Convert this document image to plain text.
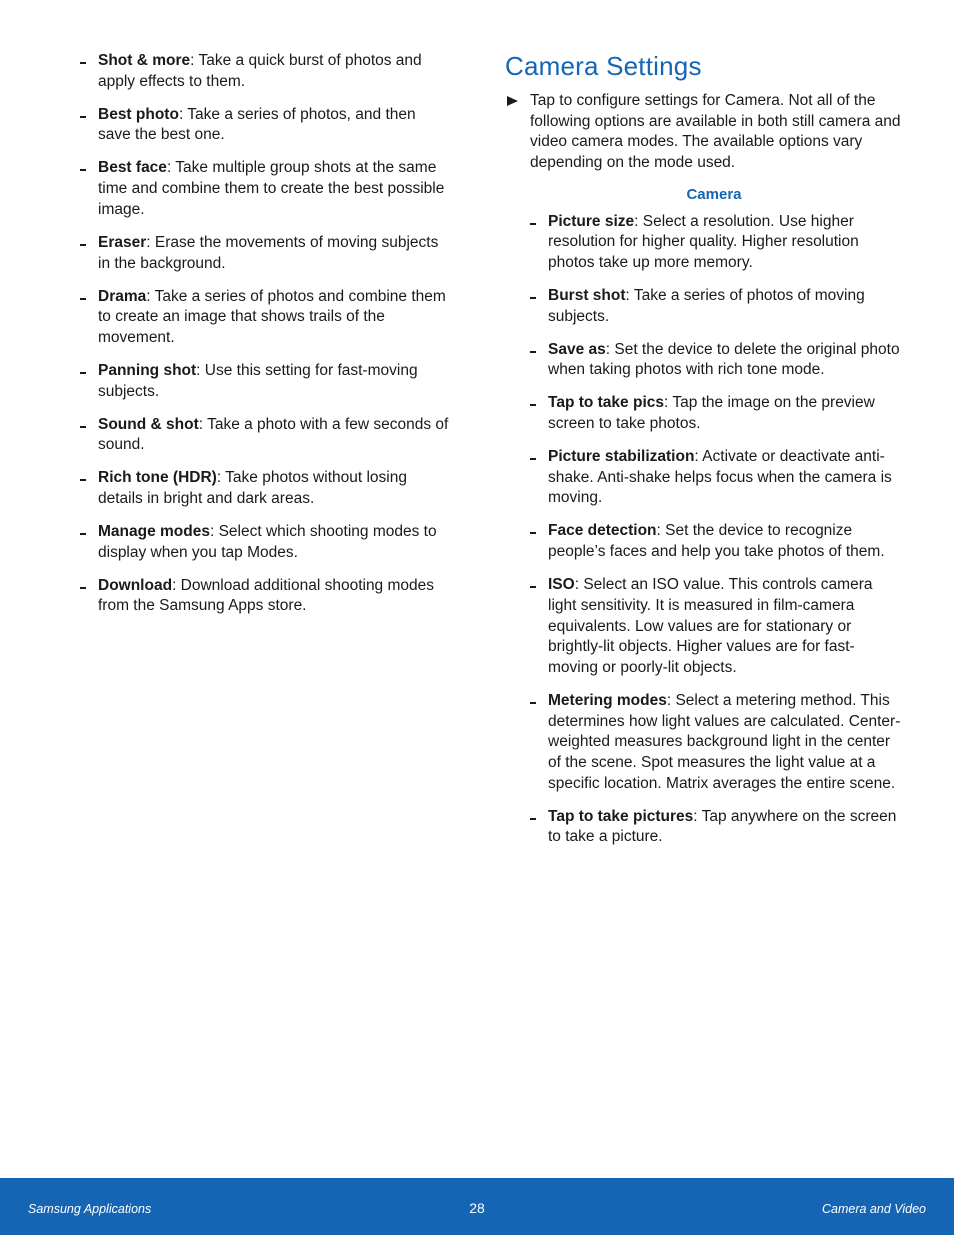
Shot & more: Take a quick burst of photos and apply effects to them.
Best photo: Take a series of photos, and then save the best one.
Best face: Take multiple group shots at the same time and combine them to create the best possible image.
Eraser: Erase the movements of moving subjects in the background.
Drama: Take a series of photos and combine them to create an image that shows trails of the movement.
Panning shot: Use this setting for fast-moving subjects.
Sound & shot: Take a photo with a few seconds of sound.
Rich tone (HDR): Take photos without losing details in bright and dark areas.
Manage modes: Select which shooting modes to display when you tap Modes.
Download: Download additional shooting modes from the Samsung Apps store.
Camera Settings
Tap to configure settings for Camera. Not all of the following options are available in both still camera and video camera modes. The available options vary depending on the mode used.
Camera
Picture size: Select a resolution. Use higher resolution for higher quality. Higher resolution photos take up more memory.
Burst shot: Take a series of photos of moving subjects.
Save as: Set the device to delete the original photo when taking photos with rich tone mode.
Tap to take pics: Tap the image on the preview screen to take photos.
Picture stabilization: Activate or deactivate anti-shake. Anti-shake helps focus when the camera is moving.
Face detection: Set the device to recognize people’s faces and help you take photos of them.
ISO: Select an ISO value. This controls camera light sensitivity. It is measured in film-camera equivalents. Low values are for stationary or brightly-lit objects. Higher values are for fast-moving or poorly-lit objects.
Metering modes: Select a metering method. This determines how light values are calculated. Center-weighted measures background light in the center of the scene. Spot measures the light value at a specific location. Matrix averages the entire scene.
Tap to take pictures: Tap anywhere on the screen to take a picture.
Samsung Applications	28	Camera and Video
